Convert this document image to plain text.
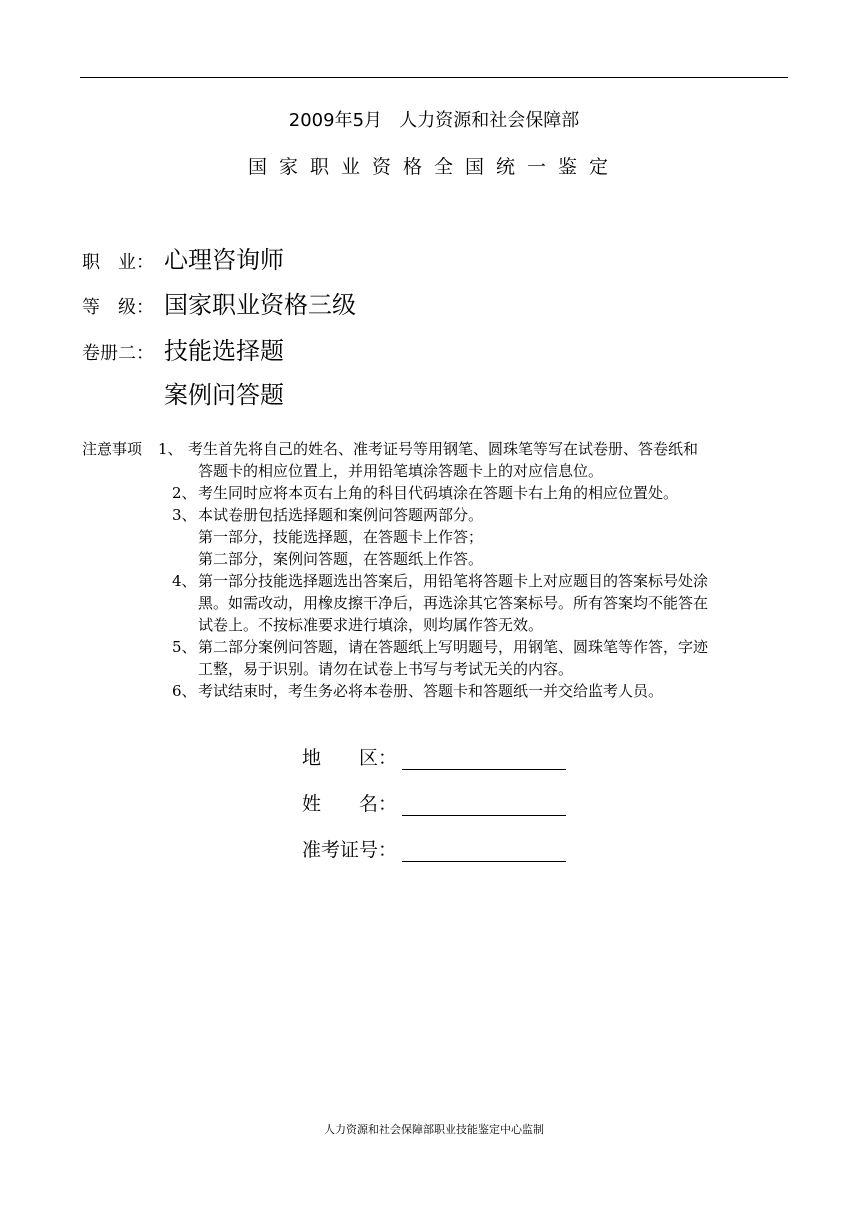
2009年5月   人力资源和社会保障部
国家职业资格全国统一鉴定
职　业： 心理咨询师
等　级： 国家职业资格三级
卷册二： 技能选择题
案例问答题
注意事项 1、 考生首先将自己的姓名、准考证号等用钢笔、圆珠笔等写在试卷册、答卷纸和
答题卡的相应位置上，并用铅笔填涂答题卡上的对应信息位。
2、考生同时应将本页右上角的科目代码填涂在答题卡右上角的相应位置处。
3、本试卷册包括选择题和案例问答题两部分。
第一部分，技能选择题，在答题卡上作答；
第二部分，案例问答题，在答题纸上作答。
4、第一部分技能选择题选出答案后，用铅笔将答题卡上对应题目的答案标号处涂
黑。如需改动，用橡皮擦干净后，再选涂其它答案标号。所有答案均不能答在
试卷上。不按标准要求进行填涂，则均属作答无效。
5、第二部分案例问答题，请在答题纸上写明题号，用钢笔、圆珠笔等作答，字迹
工整，易于识别。请勿在试卷上书写与考试无关的内容。
6、考试结束时，考生务必将本卷册、答题卡和答题纸一并交给监考人员。
地　　区：
姓　　名：
准考证号：
人力资源和社会保障部职业技能鉴定中心监制
